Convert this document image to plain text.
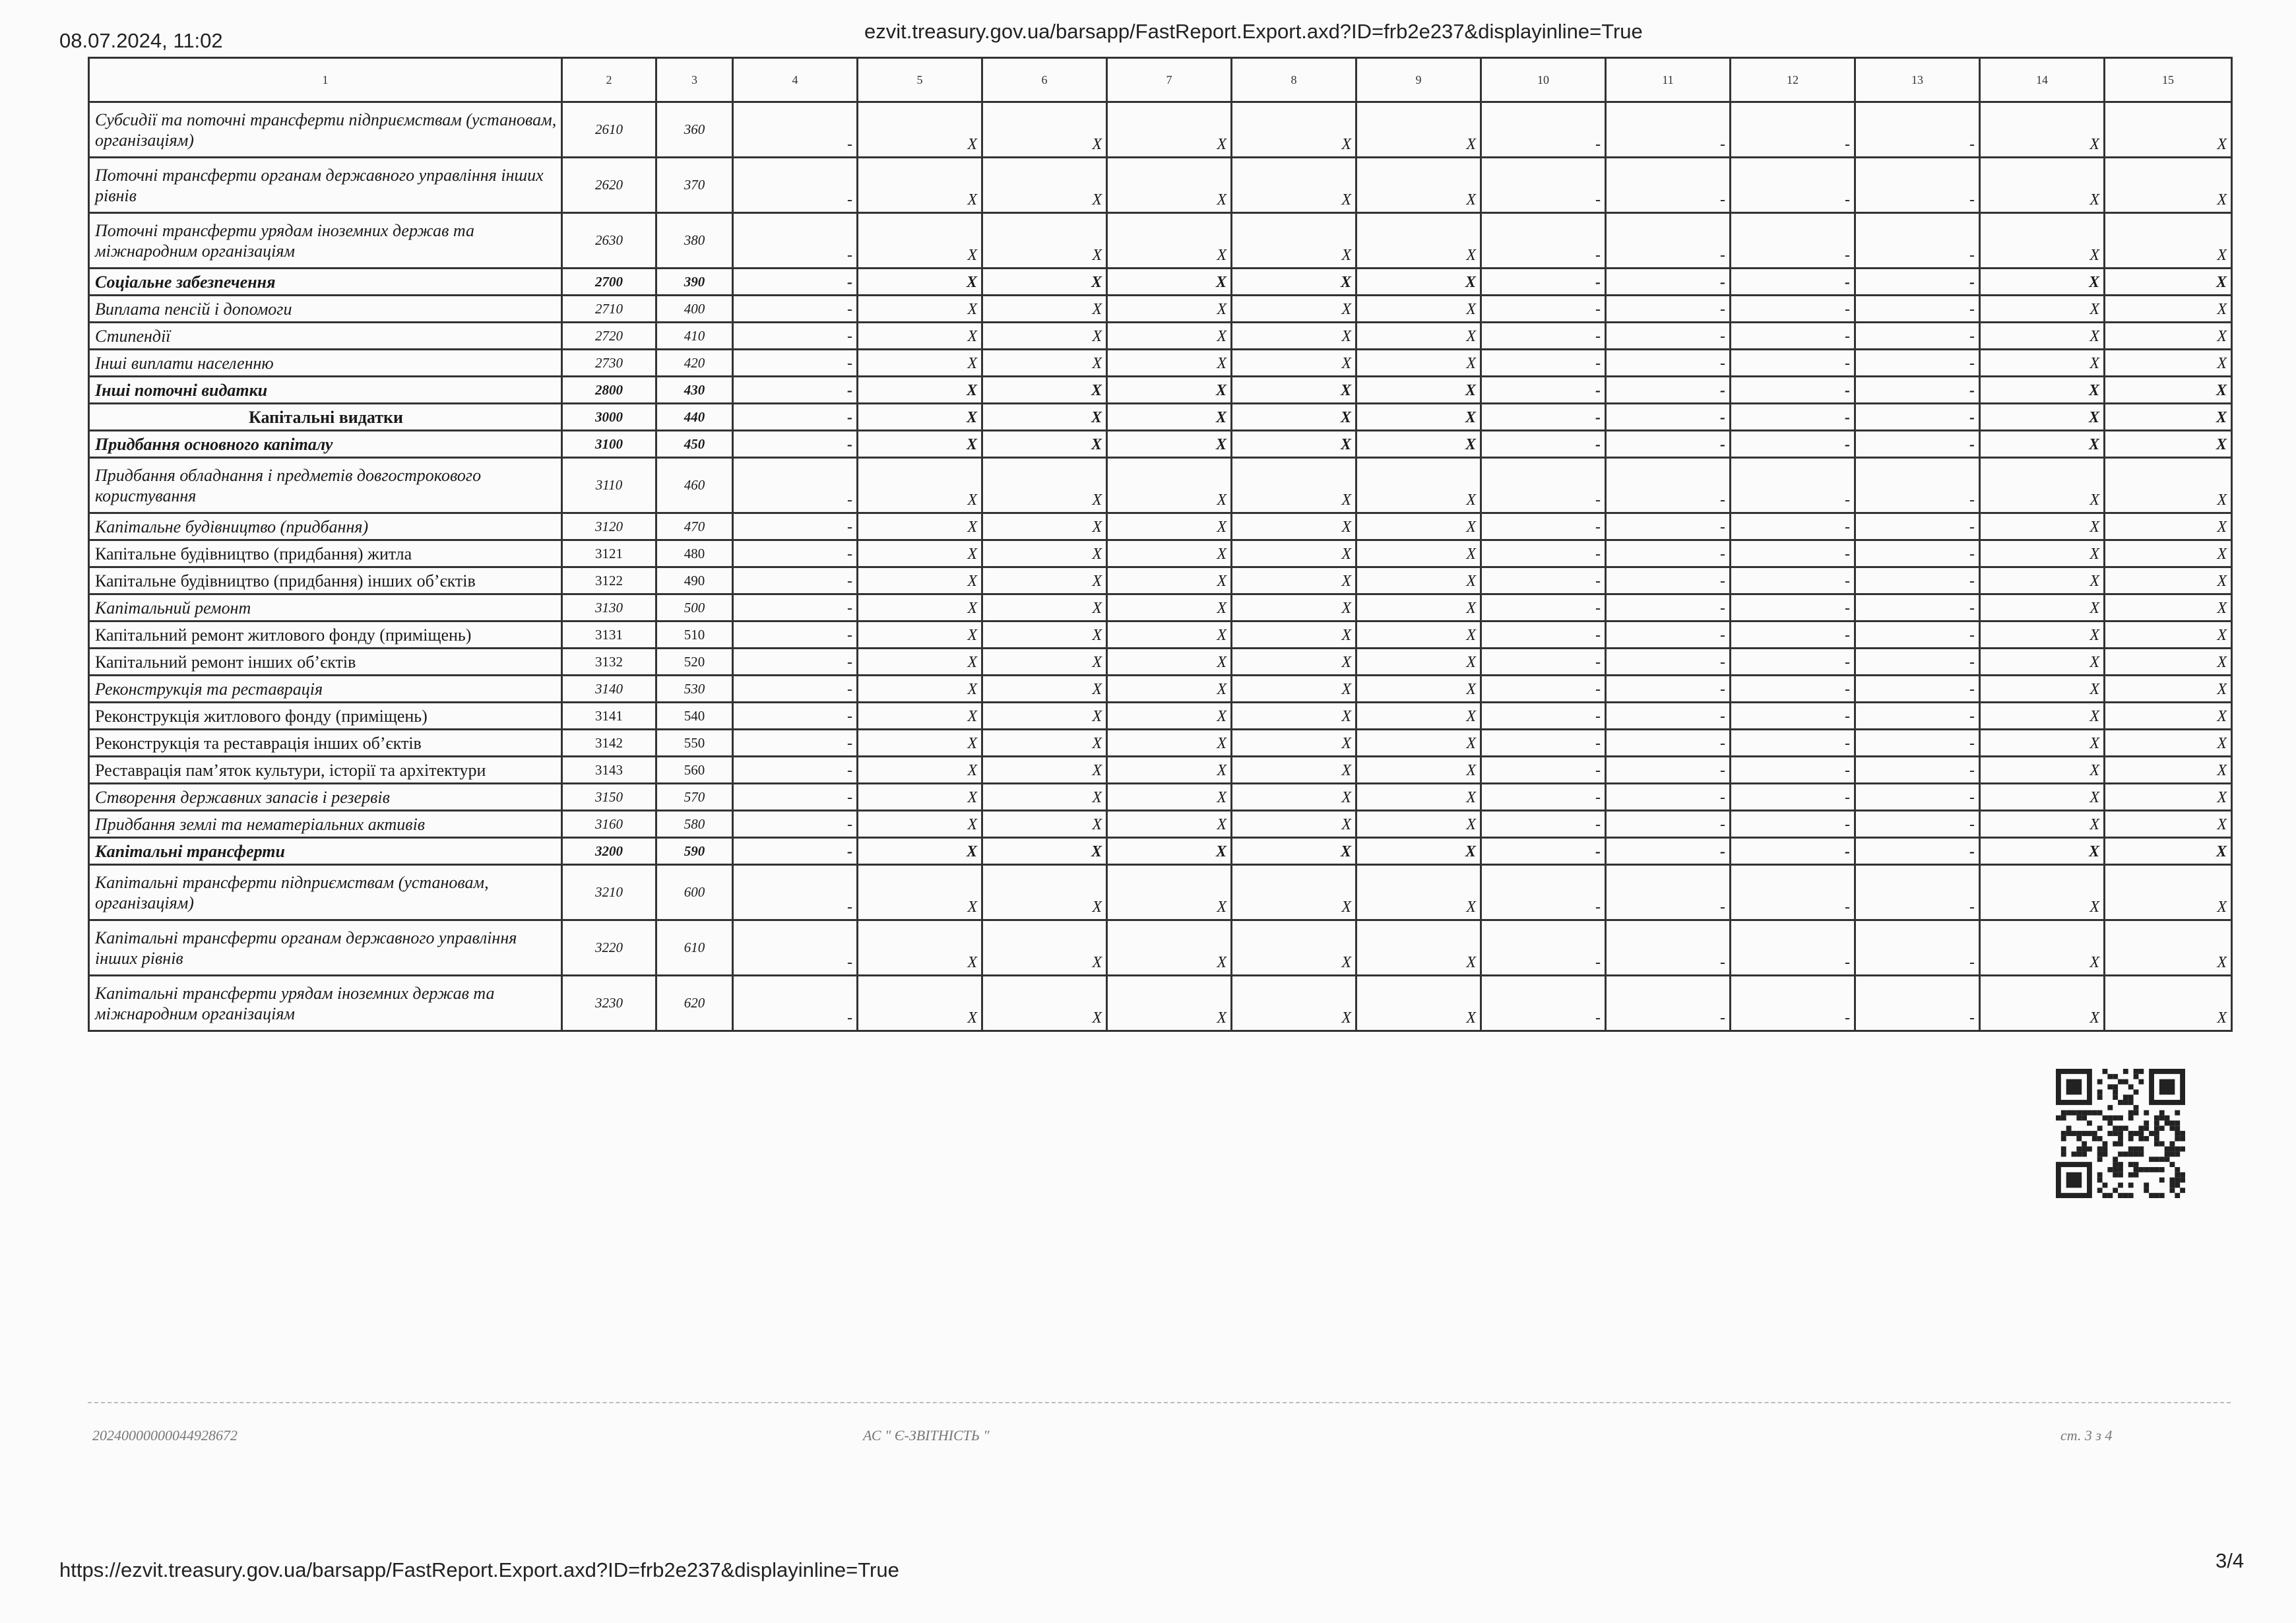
08.07.2024, 11:02	ezvit.treasury.gov.ua/barsapp/FastReport.Export.axd?ID=frb2e237&displayinline=True
1	2	3	4	5	6	7	8	9	10	11	12	13	14	15
Субсидії та поточні трансферти підприємствам (установам, організаціям)	2610	360	-	X	X	X	X	X	-	-	-	-	X	X
Поточні трансферти органам державного управління інших рівнів	2620	370	-	X	X	X	X	X	-	-	-	-	X	X
Поточні трансферти урядам іноземних держав та міжнародним організаціям	2630	380	-	X	X	X	X	X	-	-	-	-	X	X
Соціальне забезпечення	2700	390	-	X	X	X	X	X	-	-	-	-	X	X
Виплата пенсій і допомоги	2710	400	-	X	X	X	X	X	-	-	-	-	X	X
Стипендії	2720	410	-	X	X	X	X	X	-	-	-	-	X	X
Інші виплати населенню	2730	420	-	X	X	X	X	X	-	-	-	-	X	X
Інші поточні видатки	2800	430	-	X	X	X	X	X	-	-	-	-	X	X
Капітальні видатки	3000	440	-	X	X	X	X	X	-	-	-	-	X	X
Придбання основного капіталу	3100	450	-	X	X	X	X	X	-	-	-	-	X	X
Придбання обладнання і предметів довгострокового користування	3110	460	-	X	X	X	X	X	-	-	-	-	X	X
Капітальне будівництво (придбання)	3120	470	-	X	X	X	X	X	-	-	-	-	X	X
Капітальне будівництво (придбання) житла	3121	480	-	X	X	X	X	X	-	-	-	-	X	X
Капітальне будівництво (придбання) інших об’єктів	3122	490	-	X	X	X	X	X	-	-	-	-	X	X
Капітальний ремонт	3130	500	-	X	X	X	X	X	-	-	-	-	X	X
Капітальний ремонт житлового фонду (приміщень)	3131	510	-	X	X	X	X	X	-	-	-	-	X	X
Капітальний ремонт інших об’єктів	3132	520	-	X	X	X	X	X	-	-	-	-	X	X
Реконструкція та реставрація	3140	530	-	X	X	X	X	X	-	-	-	-	X	X
Реконструкція житлового фонду (приміщень)	3141	540	-	X	X	X	X	X	-	-	-	-	X	X
Реконструкція та реставрація інших об’єктів	3142	550	-	X	X	X	X	X	-	-	-	-	X	X
Реставрація пам’яток культури, історії та архітектури	3143	560	-	X	X	X	X	X	-	-	-	-	X	X
Створення державних запасів і резервів	3150	570	-	X	X	X	X	X	-	-	-	-	X	X
Придбання землі та нематеріальних активів	3160	580	-	X	X	X	X	X	-	-	-	-	X	X
Капітальні трансферти	3200	590	-	X	X	X	X	X	-	-	-	-	X	X
Капітальні трансферти підприємствам (установам, організаціям)	3210	600	-	X	X	X	X	X	-	-	-	-	X	X
Капітальні трансферти органам державного управління інших рівнів	3220	610	-	X	X	X	X	X	-	-	-	-	X	X
Капітальні трансферти урядам іноземних держав та міжнародним організаціям	3230	620	-	X	X	X	X	X	-	-	-	-	X	X
20240000000044928672	АС " Є-ЗВІТНІСТЬ "	ст. 3 з 4
https://ezvit.treasury.gov.ua/barsapp/FastReport.Export.axd?ID=frb2e237&displayinline=True	3/4
